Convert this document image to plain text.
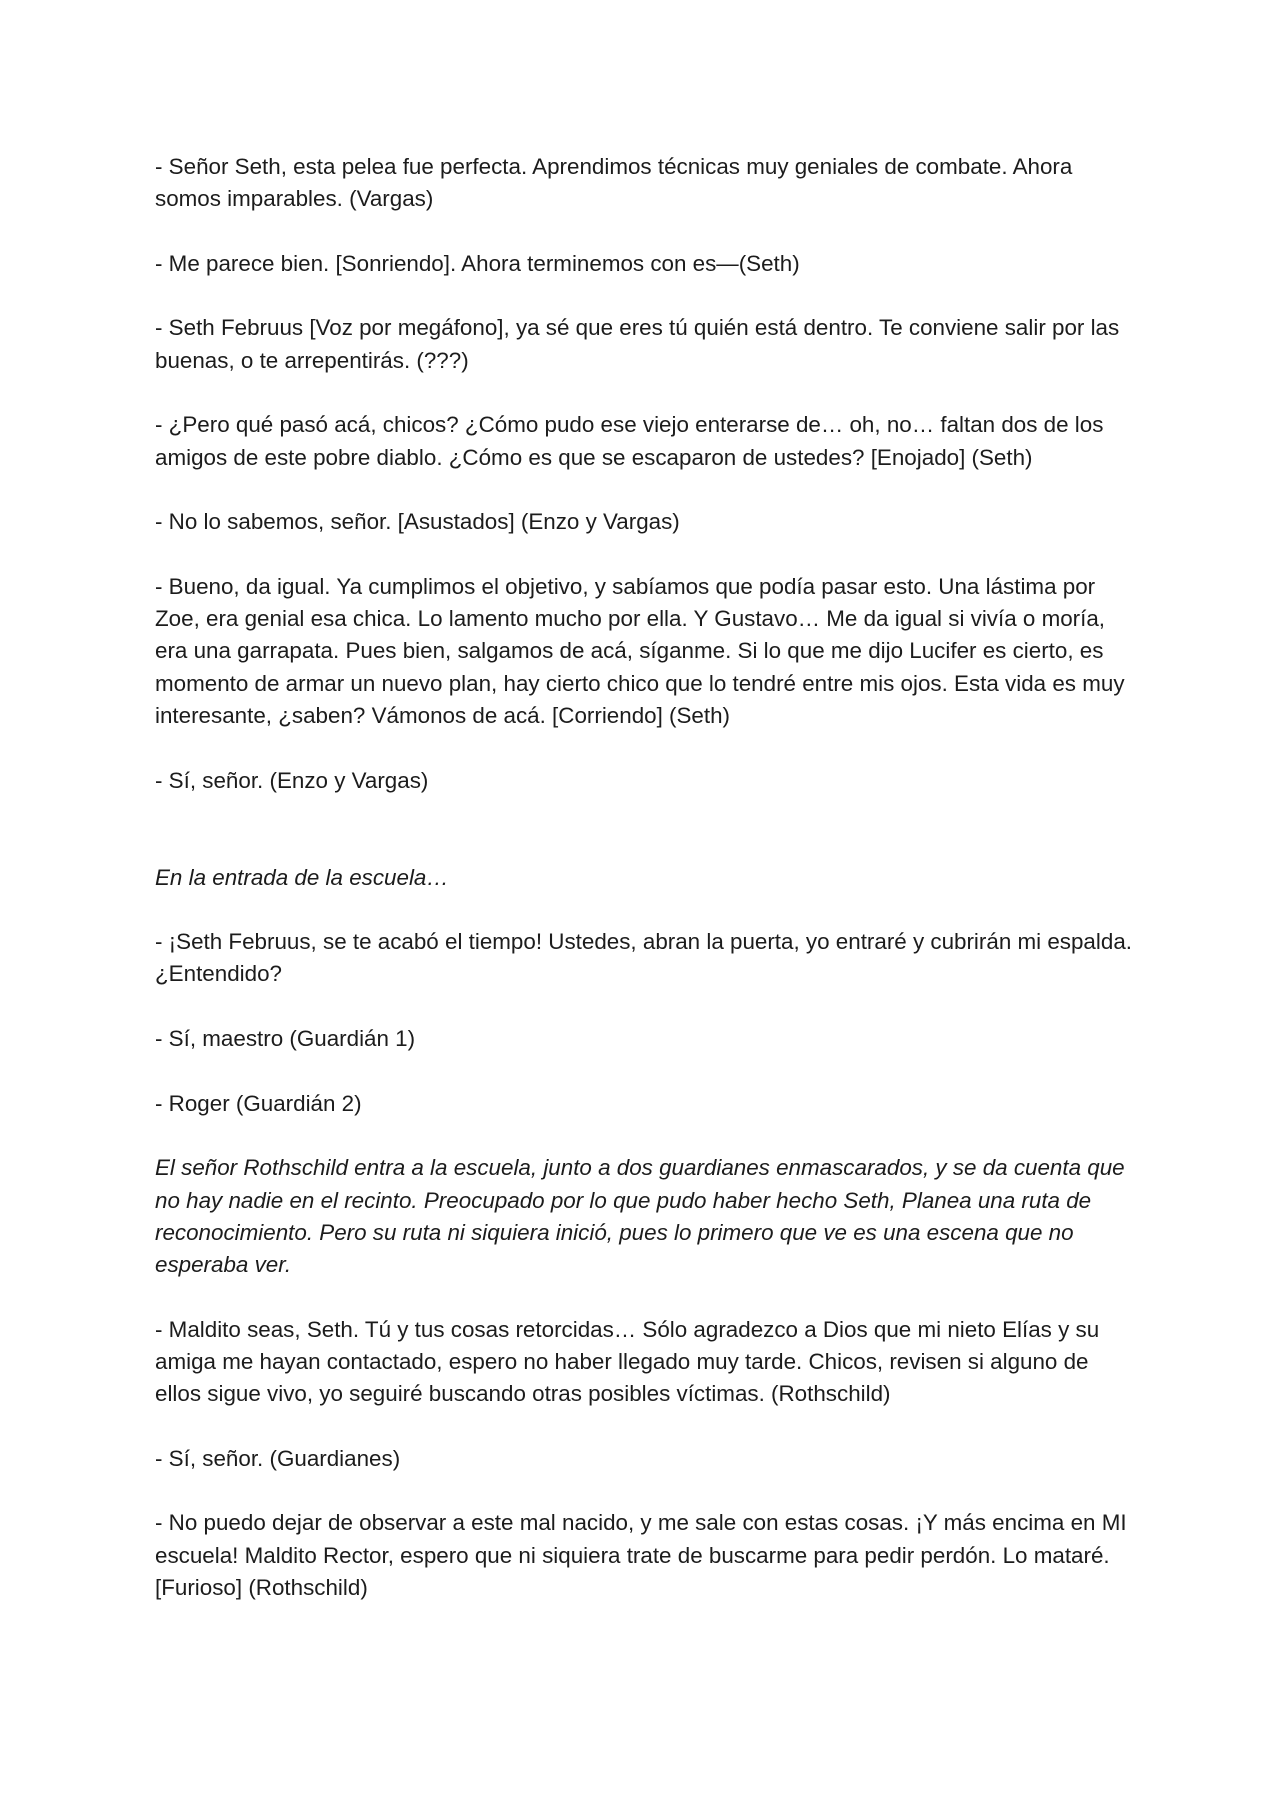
- Señor Seth, esta pelea fue perfecta. Aprendimos técnicas muy geniales de combate. Ahora somos imparables. (Vargas)

- Me parece bien. [Sonriendo]. Ahora terminemos con es—(Seth)

- Seth Februus [Voz por megáfono], ya sé que eres tú quién está dentro. Te conviene salir por las buenas, o te arrepentirás. (???)

- ¿Pero qué pasó acá, chicos? ¿Cómo pudo ese viejo enterarse de… oh, no… faltan dos de los amigos de este pobre diablo. ¿Cómo es que se escaparon de ustedes? [Enojado] (Seth)

- No lo sabemos, señor. [Asustados] (Enzo y Vargas)

- Bueno, da igual. Ya cumplimos el objetivo, y sabíamos que podía pasar esto. Una lástima por Zoe, era genial esa chica. Lo lamento mucho por ella. Y Gustavo… Me da igual si vivía o moría, era una garrapata. Pues bien, salgamos de acá, síganme. Si lo que me dijo Lucifer es cierto, es momento de armar un nuevo plan, hay cierto chico que lo tendré entre mis ojos. Esta vida es muy interesante, ¿saben? Vámonos de acá. [Corriendo] (Seth)

- Sí, señor. (Enzo y Vargas)

En la entrada de la escuela…

- ¡Seth Februus, se te acabó el tiempo! Ustedes, abran la puerta, yo entraré y cubrirán mi espalda. ¿Entendido?

- Sí, maestro (Guardián 1)

- Roger (Guardián 2)

El señor Rothschild entra a la escuela, junto a dos guardianes enmascarados, y se da cuenta que no hay nadie en el recinto. Preocupado por lo que pudo haber hecho Seth, Planea una ruta de reconocimiento. Pero su ruta ni siquiera inició, pues lo primero que ve es una escena que no esperaba ver.

- Maldito seas, Seth. Tú y tus cosas retorcidas… Sólo agradezco a Dios que mi nieto Elías y su amiga me hayan contactado, espero no haber llegado muy tarde. Chicos, revisen si alguno de ellos sigue vivo, yo seguiré buscando otras posibles víctimas. (Rothschild)

- Sí, señor. (Guardianes)

- No puedo dejar de observar a este mal nacido, y me sale con estas cosas. ¡Y más encima en MI escuela! Maldito Rector, espero que ni siquiera trate de buscarme para pedir perdón. Lo mataré. [Furioso] (Rothschild)
